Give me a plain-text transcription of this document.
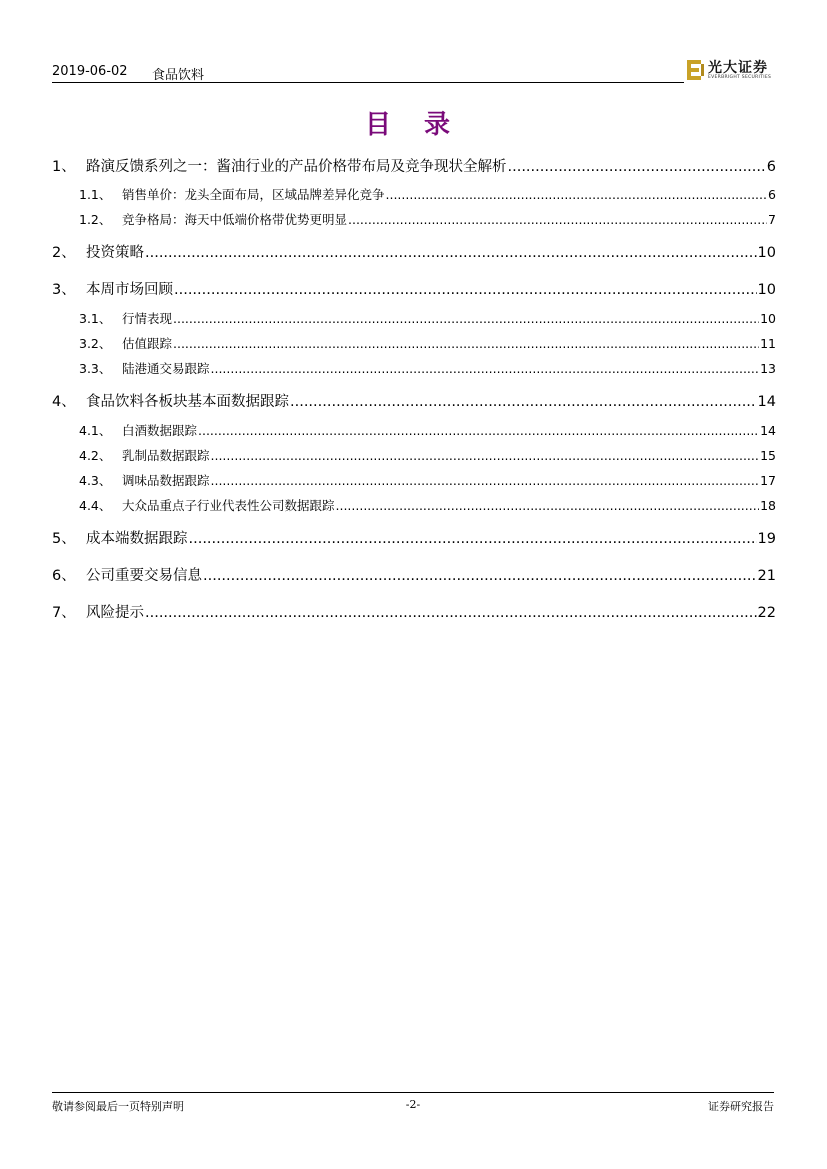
2019-06-02 食品饮料	光大证券
EVERBRIGHT SECURITIES
目 录
1、 路演反馈系列之一：酱油行业的产品价格带布局及竞争现状全解析 .....	6
1.1、 销售单价：龙头全面布局，区域品牌差异化竞争 .....	6
1.2、 竞争格局：海天中低端价格带优势更明显 .....	7
2、 投资策略 .....	10
3、 本周市场回顾 .....	10
3.1、 行情表现 .....	10
3.2、 估值跟踪 .....	11
3.3、 陆港通交易跟踪 .....	13
4、 食品饮料各板块基本面数据跟踪 .....	14
4.1、 白酒数据跟踪 .....	14
4.2、 乳制品数据跟踪 .....	15
4.3、 调味品数据跟踪 .....	17
4.4、 大众品重点子行业代表性公司数据跟踪 .....	18
5、 成本端数据跟踪 .....	19
6、 公司重要交易信息 .....	21
7、 风险提示 .....	22
敬请参阅最后一页特别声明	-2-	证券研究报告
